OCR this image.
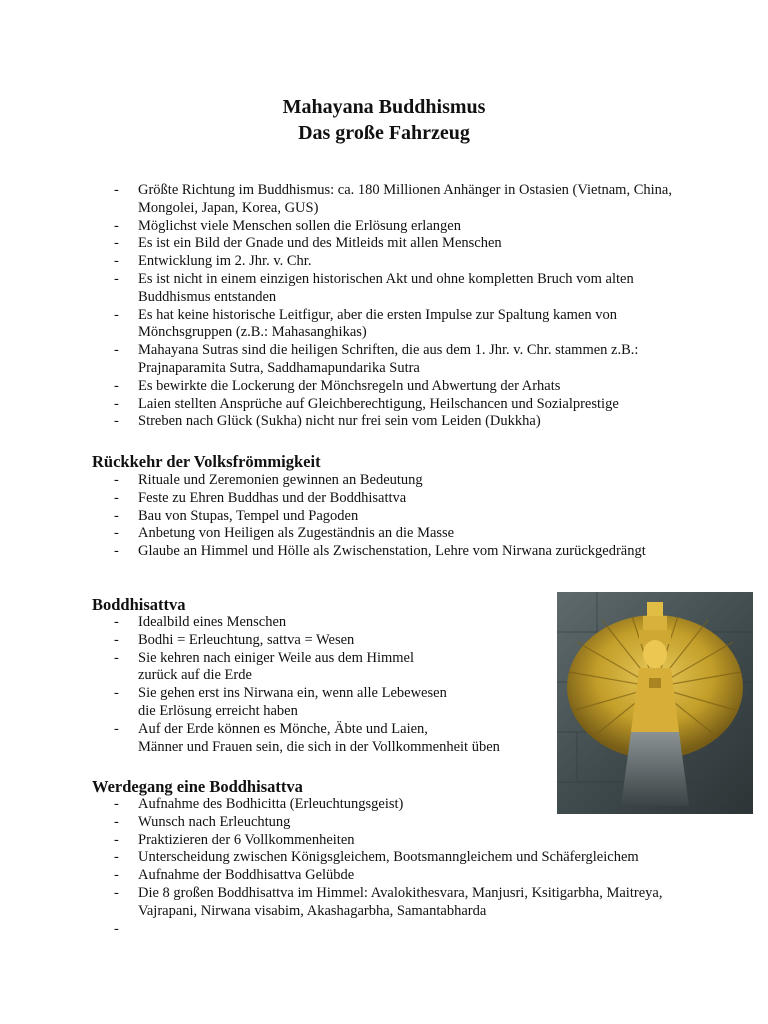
Mahayana Buddhismus
Das große Fahrzeug
- Größte Richtung im Buddhismus: ca. 180 Millionen Anhänger in Ostasien (Vietnam, China, Mongolei, Japan, Korea, GUS)
- Möglichst viele Menschen sollen die Erlösung erlangen
- Es ist ein Bild der Gnade und des Mitleids mit allen Menschen
- Entwicklung im 2. Jhr. v. Chr.
- Es ist nicht in einem einzigen historischen Akt und ohne kompletten Bruch vom alten Buddhismus entstanden
- Es hat keine historische Leitfigur, aber die ersten Impulse zur Spaltung kamen von Mönchsgruppen (z.B.: Mahasanghikas)
- Mahayana Sutras sind die heiligen Schriften, die aus dem 1. Jhr. v. Chr. stammen z.B.: Prajnaparamita Sutra, Saddhamapundarika Sutra
- Es bewirkte die Lockerung der Mönchsregeln und Abwertung der Arhats
- Laien stellten Ansprüche auf Gleichberechtigung, Heilschancen und Sozialprestige
- Streben nach Glück (Sukha) nicht nur frei sein vom Leiden (Dukkha)
Rückkehr der Volksfrömmigkeit
- Rituale und Zeremonien gewinnen an Bedeutung
- Feste zu Ehren Buddhas und der Boddhisattva
- Bau von Stupas, Tempel und Pagoden
- Anbetung von Heiligen als Zugeständnis an die Masse
- Glaube an Himmel und Hölle als Zwischenstation, Lehre vom Nirwana zurückgedrängt
Boddhisattva
- Idealbild eines Menschen
- Bodhi = Erleuchtung, sattva = Wesen
- Sie kehren nach einiger Weile aus dem Himmel
zurück auf die Erde
- Sie gehen erst ins Nirwana ein, wenn alle Lebewesen
die Erlösung erreicht haben
- Auf der Erde können es Mönche, Äbte und Laien,
Männer und Frauen sein, die sich in der Vollkommenheit üben
Werdegang eine Boddhisattva
- Aufnahme des Bodhicitta (Erleuchtungsgeist)
- Wunsch nach Erleuchtung
- Praktizieren der 6 Vollkommenheiten
- Unterscheidung zwischen Königsgleichem, Bootsmanngleichem und Schäfergleichem
- Aufnahme der Boddhisattva Gelübde
- Die 8 großen Boddhisattva im Himmel: Avalokithesvara, Manjusri, Ksitigarbha, Maitreya, Vajrapani, Nirwana visabim, Akashagarbha, Samantabharda
-
